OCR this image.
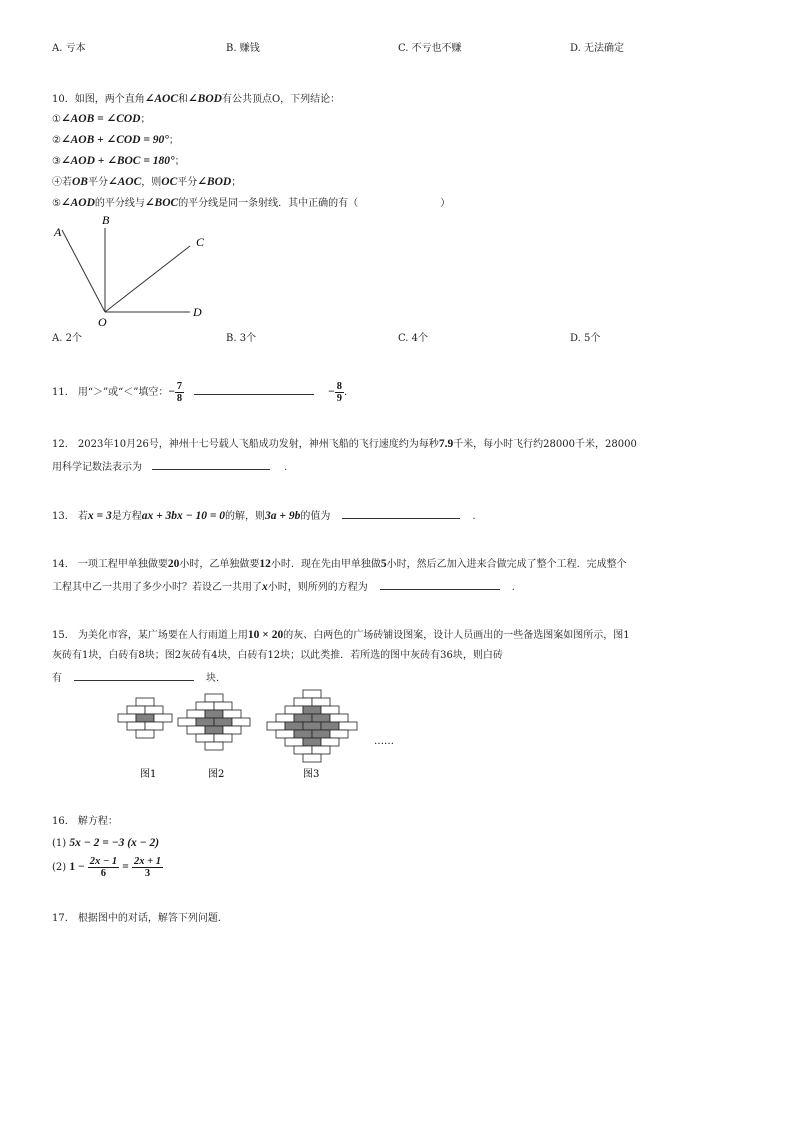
A. 亏本	B. 赚钱	C. 不亏也不赚	D. 无法确定
10．如图，两个直角∠AOC和∠BOD有公共顶点O，下列结论：
①∠AOB = ∠COD；
②∠AOB + ∠COD = 90°；
③∠AOD + ∠BOC = 180°；
④若OB平分∠AOC，则OC平分∠BOD；
⑤∠AOD的平分线与∠BOC的平分线是同一条射线．其中正确的有（	）
A
B
C
D
O
A. 2个	B. 3个	C. 4个	D. 5个
11． 用“＞”或“＜”填空：− $\frac{7}{8}$	− $\frac{8}{9}$ .
12． 2023年10月26号，神州十七号载人飞船成功发射，神州飞船的飞行速度约为每秒7.9千米，每小时飞行约28000千米，28000
用科学记数法表示为	.
13． 若x = 3是方程ax + 3bx − 10 = 0的解，则3a + 9b的值为	.
14． 一项工程甲单独做要20小时，乙单独做要12小时．现在先由甲单独做5小时，然后乙加入进来合做完成了整个工程．完成整个
工程其中乙一共用了多少小时？若设乙一共用了x小时，则所列的方程为	.
15． 为美化市容，某广场要在人行雨道上用10 × 20的灰、白两色的广场砖铺设图案，设计人员画出的一些备选图案如图所示，图1
灰砖有1块，白砖有8块；图2灰砖有4块，白砖有12块；以此类推．若所选的图中灰砖有36块，则白砖
有	块．
……
图1	图2	图3
16． 解方程：
(1) 5x − 2 = −3 (x − 2)
(2) $1 - \frac{2x - 1}{6} = \frac{2x + 1}{3}$
17． 根据图中的对话，解答下列问题．
